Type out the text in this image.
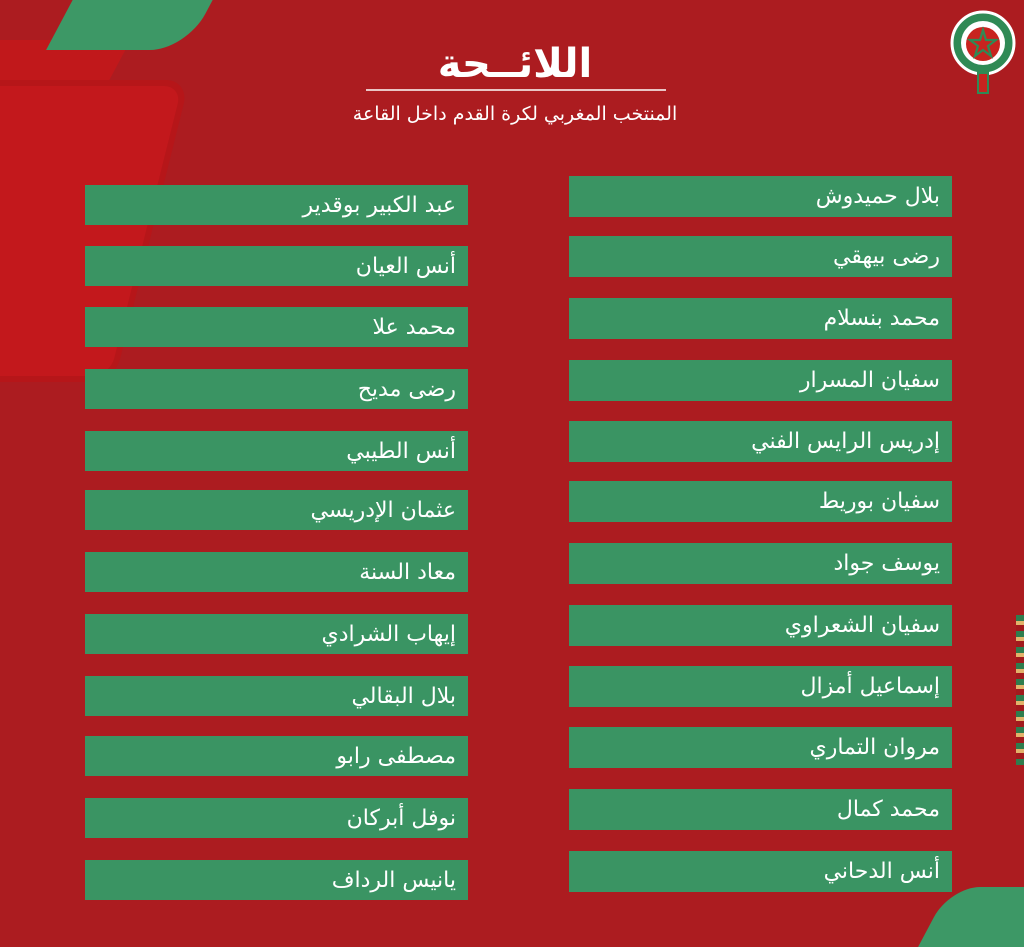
اللائــحة
المنتخب المغربي لكرة القدم داخل القاعة
عبد الكبير بوقدير
أنس العيان
محمد علا
رضى مديح
أنس الطيبي
عثمان الإدريسي
معاد السنة
إيهاب الشرادي
بلال البقالي
مصطفى رابو
نوفل أبركان
يانيس الرداف
بلال حميدوش
رضى بيهقي
محمد بنسلام
سفيان المسرار
إدريس الرايس الفني
سفيان بوريط
يوسف جواد
سفيان الشعراوي
إسماعيل أمزال
مروان التماري
محمد كمال
أنس الدحاني
